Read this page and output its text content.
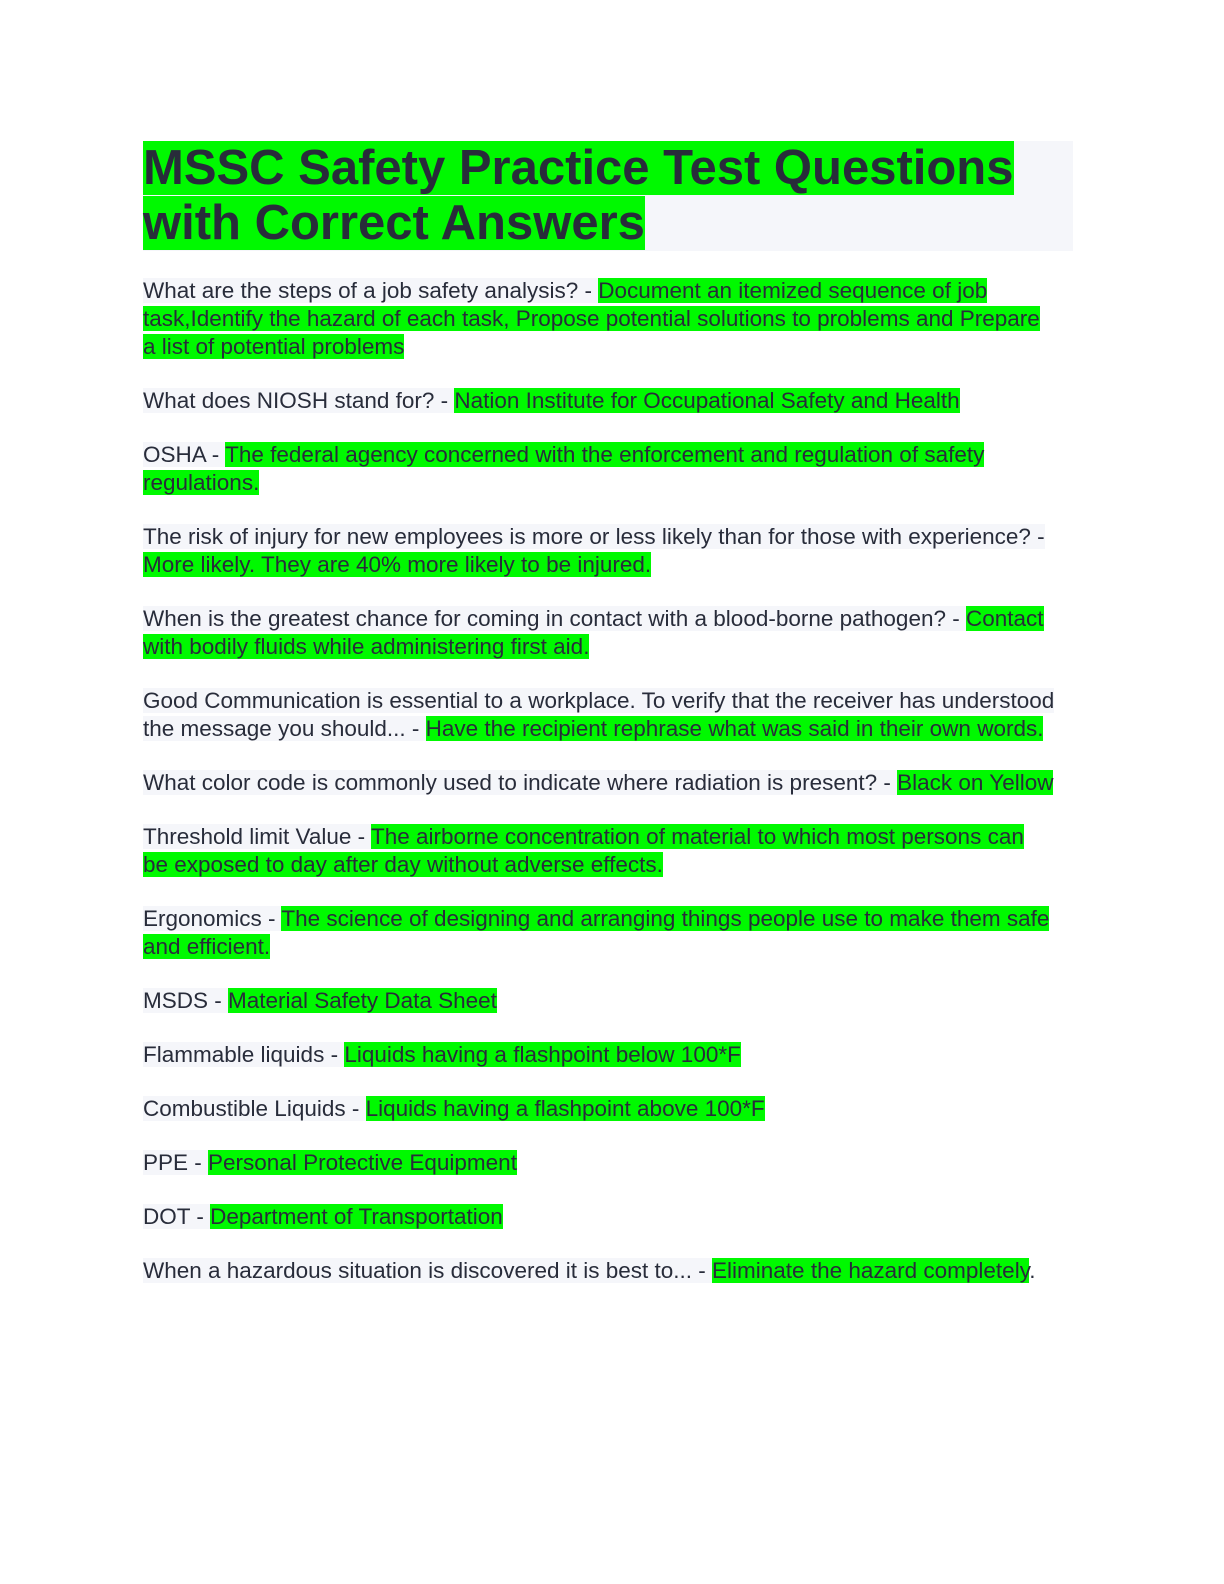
MSSC Safety Practice Test Questions with Correct Answers

What are the steps of a job safety analysis? - Document an itemized sequence of job task,Identify the hazard of each task, Propose potential solutions to problems and Prepare a list of potential problems

What does NIOSH stand for? - Nation Institute for Occupational Safety and Health

OSHA - The federal agency concerned with the enforcement and regulation of safety regulations.

The risk of injury for new employees is more or less likely than for those with experience? - More likely. They are 40% more likely to be injured.

When is the greatest chance for coming in contact with a blood-borne pathogen? - Contact with bodily fluids while administering first aid.

Good Communication is essential to a workplace. To verify that the receiver has understood the message you should... - Have the recipient rephrase what was said in their own words.

What color code is commonly used to indicate where radiation is present? - Black on Yellow

Threshold limit Value - The airborne concentration of material to which most persons can be exposed to day after day without adverse effects.

Ergonomics - The science of designing and arranging things people use to make them safe and efficient.

MSDS - Material Safety Data Sheet

Flammable liquids - Liquids having a flashpoint below 100*F

Combustible Liquids - Liquids having a flashpoint above 100*F

PPE - Personal Protective Equipment

DOT - Department of Transportation

When a hazardous situation is discovered it is best to... - Eliminate the hazard completely.
